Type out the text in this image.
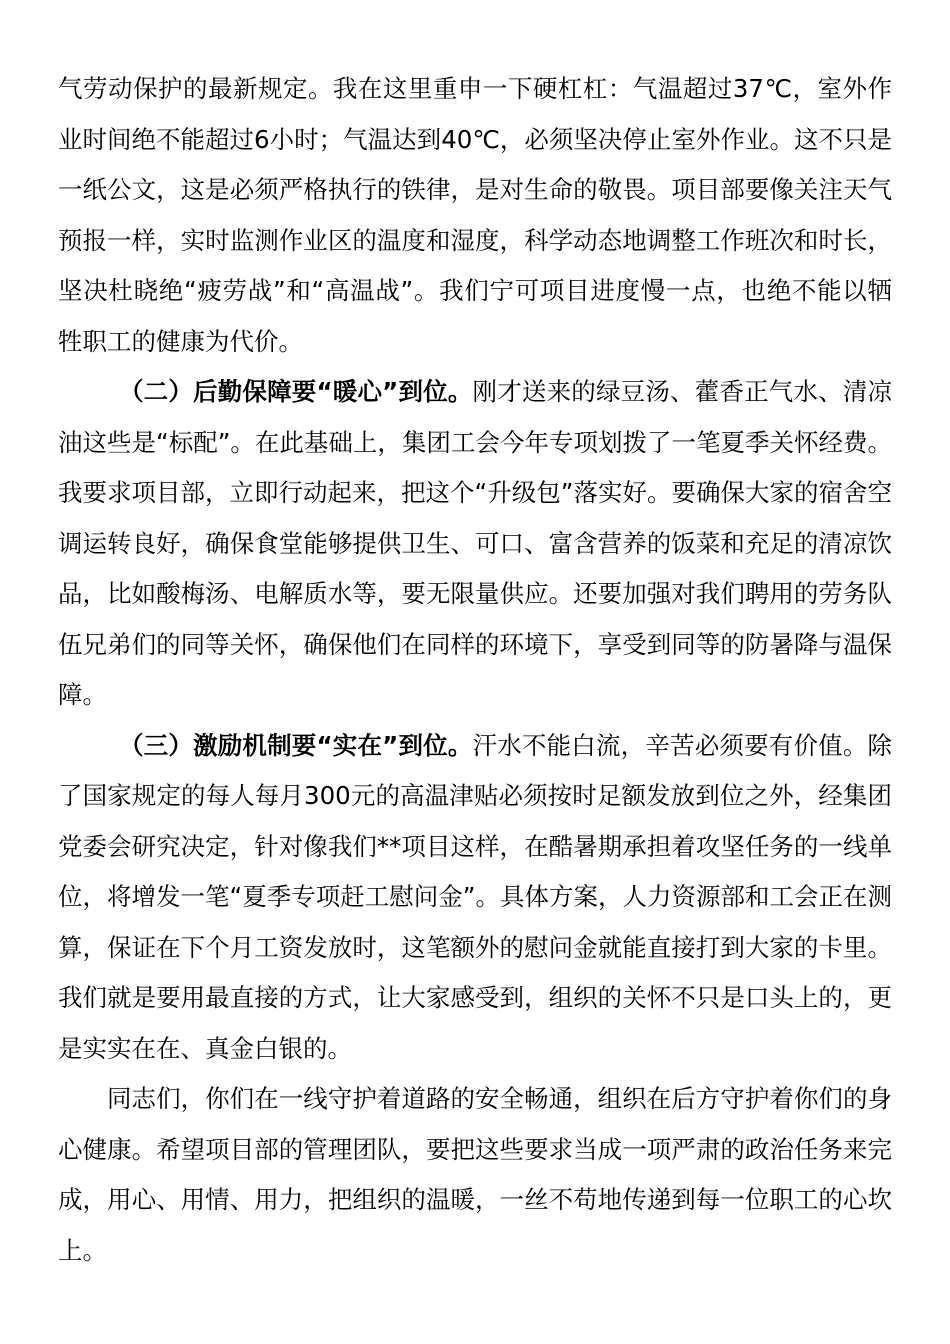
气劳动保护的最新规定。我在这里重申一下硬杠杠：气温超过37℃，室外作业时间绝不能超过6小时；气温达到40℃，必须坚决停止室外作业。这不只是一纸公文，这是必须严格执行的铁律，是对生命的敬畏。项目部要像关注天气预报一样，实时监测作业区的温度和湿度，科学动态地调整工作班次和时长，坚决杜晓绝“疲劳战”和“高温战”。我们宁可项目进度慢一点，也绝不能以牺牲职工的健康为代价。

（二）后勤保障要“暖心”到位。刚才送来的绿豆汤、藿香正气水、清凉油这些是“标配”。在此基础上，集团工会今年专项划拨了一笔夏季关怀经费。我要求项目部，立即行动起来，把这个“升级包”落实好。要确保大家的宿舍空调运转良好，确保食堂能够提供卫生、可口、富含营养的饭菜和充足的清凉饮品，比如酸梅汤、电解质水等，要无限量供应。还要加强对我们聘用的劳务队伍兄弟们的同等关怀，确保他们在同样的环境下，享受到同等的防暑降与温保障。

（三）激励机制要“实在”到位。汗水不能白流，辛苦必须要有价值。除了国家规定的每人每月300元的高温津贴必须按时足额发放到位之外，经集团党委会研究决定，针对像我们**项目这样，在酷暑期承担着攻坚任务的一线单位，将增发一笔“夏季专项赶工慰问金”。具体方案，人力资源部和工会正在测算，保证在下个月工资发放时，这笔额外的慰问金就能直接打到大家的卡里。我们就是要用最直接的方式，让大家感受到，组织的关怀不只是口头上的，更是实实在在、真金白银的。

同志们，你们在一线守护着道路的安全畅通，组织在后方守护着你们的身心健康。希望项目部的管理团队，要把这些要求当成一项严肃的政治任务来完成，用心、用情、用力，把组织的温暖，一丝不苟地传递到每一位职工的心坎上。
